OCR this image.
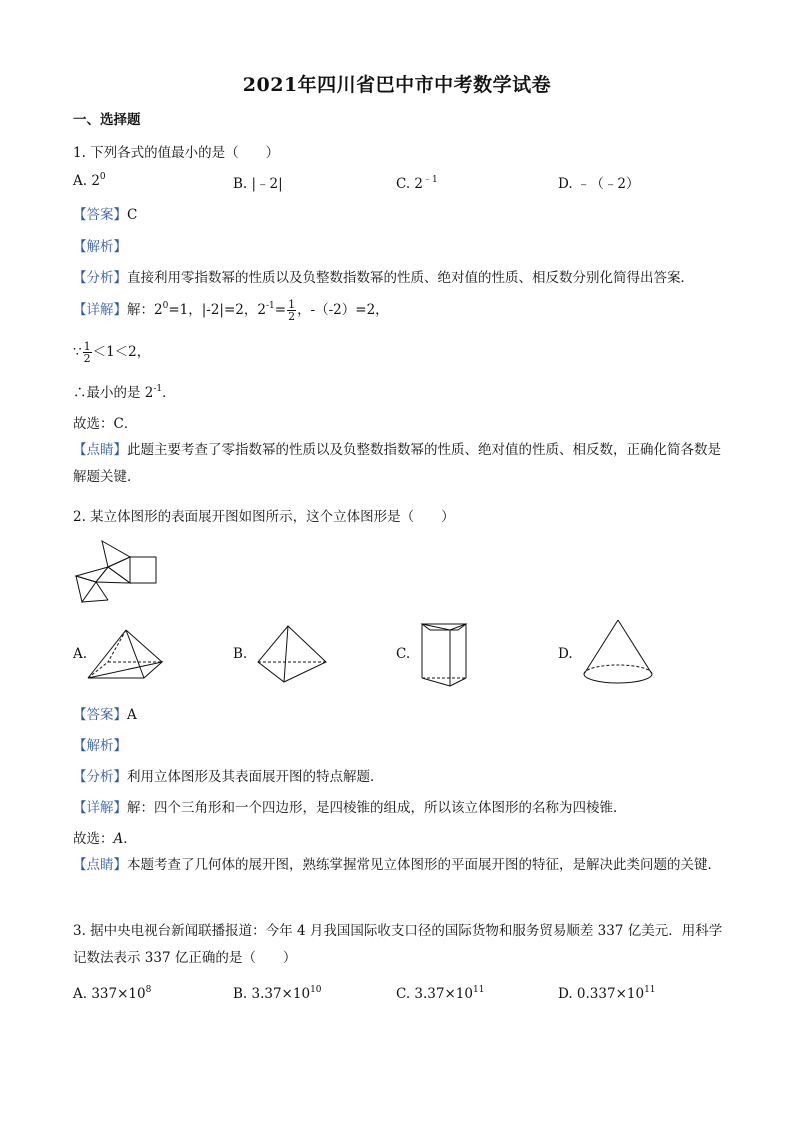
2021年四川省巴中市中考数学试卷
一、选择题
1. 下列各式的值最小的是（　　）
A. $2^0$	B. |﹣2|	C. $2^{﹣1}$	D. ﹣（﹣2）
【答案】C
【解析】
【分析】直接利用零指数幂的性质以及负整数指数幂的性质、绝对值的性质、相反数分别化简得出答案．
【详解】解：$2^0=1$，|-2|=2，$2^{-1}= \frac{1}{2}$ ，-（-2）=2，
∵ $\frac{1}{2} <1<2$，
∴最小的是 $2^{-1}$．
故选：C．
【点睛】此题主要考查了零指数幂的性质以及负整数指数幂的性质、绝对值的性质、相反数，正确化简各数是解题关键．
2. 某立体图形的表面展开图如图所示，这个立体图形是（　　）
A.	B.	C.	D.
【答案】A
【解析】
【分析】利用立体图形及其表面展开图的特点解题．
【详解】解：四个三角形和一个四边形，是四棱锥的组成，所以该立体图形的名称为四棱锥．
故选：A．
【点睛】本题考查了几何体的展开图，熟练掌握常见立体图形的平面展开图的特征，是解决此类问题的关键．
3. 据中央电视台新闻联播报道：今年 4 月我国国际收支口径的国际货物和服务贸易顺差 337 亿美元．用科学记数法表示 337 亿正确的是（　　）
A. $337\times 10^8$	B. $3.37\times 10^{10}$	C. $3.37\times 10^{11}$	D. $0.337\times 10^{11}$
